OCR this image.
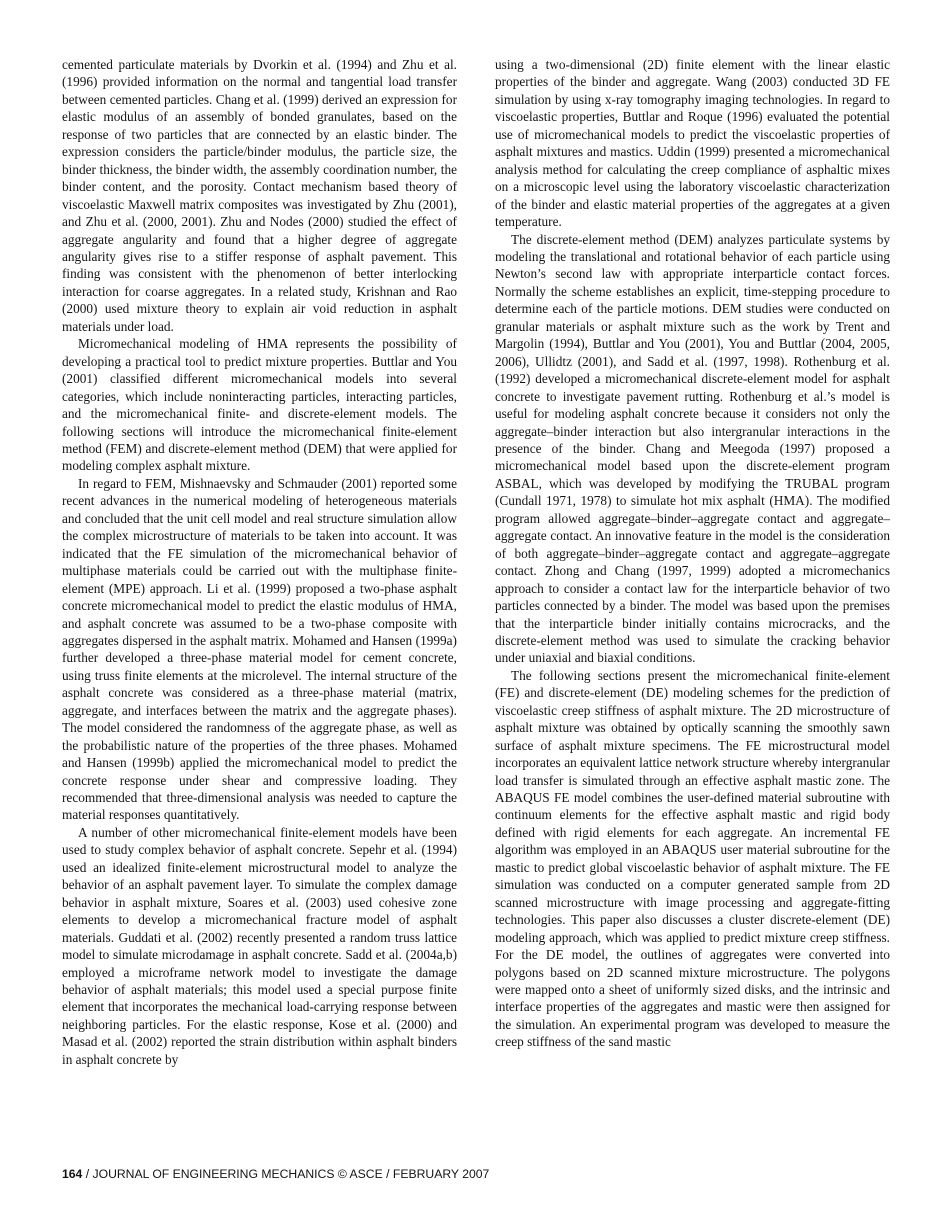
cemented particulate materials by Dvorkin et al. (1994) and Zhu et al. (1996) provided information on the normal and tangential load transfer between cemented particles. Chang et al. (1999) derived an expression for elastic modulus of an assembly of bonded granulates, based on the response of two particles that are connected by an elastic binder. The expression considers the particle/binder modulus, the particle size, the binder thickness, the binder width, the assembly coordination number, the binder content, and the porosity. Contact mechanism based theory of viscoelastic Maxwell matrix composites was investigated by Zhu (2001), and Zhu et al. (2000, 2001). Zhu and Nodes (2000) studied the effect of aggregate angularity and found that a higher degree of aggregate angularity gives rise to a stiffer response of asphalt pavement. This finding was consistent with the phenomenon of better interlocking interaction for coarse aggregates. In a related study, Krishnan and Rao (2000) used mixture theory to explain air void reduction in asphalt materials under load.

Micromechanical modeling of HMA represents the possibility of developing a practical tool to predict mixture properties. Buttlar and You (2001) classified different micromechanical models into several categories, which include noninteracting particles, interacting particles, and the micromechanical finite- and discrete-element models. The following sections will introduce the micromechanical finite-element method (FEM) and discrete-element method (DEM) that were applied for modeling complex asphalt mixture.

In regard to FEM, Mishnaevsky and Schmauder (2001) reported some recent advances in the numerical modeling of heterogeneous materials and concluded that the unit cell model and real structure simulation allow the complex microstructure of materials to be taken into account. It was indicated that the FE simulation of the micromechanical behavior of multiphase materials could be carried out with the multiphase finite-element (MPE) approach. Li et al. (1999) proposed a two-phase asphalt concrete micromechanical model to predict the elastic modulus of HMA, and asphalt concrete was assumed to be a two-phase composite with aggregates dispersed in the asphalt matrix. Mohamed and Hansen (1999a) further developed a three-phase material model for cement concrete, using truss finite elements at the microlevel. The internal structure of the asphalt concrete was considered as a three-phase material (matrix, aggregate, and interfaces between the matrix and the aggregate phases). The model considered the randomness of the aggregate phase, as well as the probabilistic nature of the properties of the three phases. Mohamed and Hansen (1999b) applied the micromechanical model to predict the concrete response under shear and compressive loading. They recommended that three-dimensional analysis was needed to capture the material responses quantitatively.

A number of other micromechanical finite-element models have been used to study complex behavior of asphalt concrete. Sepehr et al. (1994) used an idealized finite-element microstructural model to analyze the behavior of an asphalt pavement layer. To simulate the complex damage behavior in asphalt mixture, Soares et al. (2003) used cohesive zone elements to develop a micromechanical fracture model of asphalt materials. Guddati et al. (2002) recently presented a random truss lattice model to simulate microdamage in asphalt concrete. Sadd et al. (2004a,b) employed a microframe network model to investigate the damage behavior of asphalt materials; this model used a special purpose finite element that incorporates the mechanical load-carrying response between neighboring particles. For the elastic response, Kose et al. (2000) and Masad et al. (2002) reported the strain distribution within asphalt binders in asphalt concrete by

using a two-dimensional (2D) finite element with the linear elastic properties of the binder and aggregate. Wang (2003) conducted 3D FE simulation by using x-ray tomography imaging technologies. In regard to viscoelastic properties, Buttlar and Roque (1996) evaluated the potential use of micromechanical models to predict the viscoelastic properties of asphalt mixtures and mastics. Uddin (1999) presented a micromechanical analysis method for calculating the creep compliance of asphaltic mixes on a microscopic level using the laboratory viscoelastic characterization of the binder and elastic material properties of the aggregates at a given temperature.

The discrete-element method (DEM) analyzes particulate systems by modeling the translational and rotational behavior of each particle using Newton’s second law with appropriate interparticle contact forces. Normally the scheme establishes an explicit, time-stepping procedure to determine each of the particle motions. DEM studies were conducted on granular materials or asphalt mixture such as the work by Trent and Margolin (1994), Buttlar and You (2001), You and Buttlar (2004, 2005, 2006), Ullidtz (2001), and Sadd et al. (1997, 1998). Rothenburg et al. (1992) developed a micromechanical discrete-element model for asphalt concrete to investigate pavement rutting. Rothenburg et al.’s model is useful for modeling asphalt concrete because it considers not only the aggregate–binder interaction but also intergranular interactions in the presence of the binder. Chang and Meegoda (1997) proposed a micromechanical model based upon the discrete-element program ASBAL, which was developed by modifying the TRUBAL program (Cundall 1971, 1978) to simulate hot mix asphalt (HMA). The modified program allowed aggregate–binder–aggregate contact and aggregate–aggregate contact. An innovative feature in the model is the consideration of both aggregate–binder–aggregate contact and aggregate–aggregate contact. Zhong and Chang (1997, 1999) adopted a micromechanics approach to consider a contact law for the interparticle behavior of two particles connected by a binder. The model was based upon the premises that the interparticle binder initially contains microcracks, and the discrete-element method was used to simulate the cracking behavior under uniaxial and biaxial conditions.

The following sections present the micromechanical finite-element (FE) and discrete-element (DE) modeling schemes for the prediction of viscoelastic creep stiffness of asphalt mixture. The 2D microstructure of asphalt mixture was obtained by optically scanning the smoothly sawn surface of asphalt mixture specimens. The FE microstructural model incorporates an equivalent lattice network structure whereby intergranular load transfer is simulated through an effective asphalt mastic zone. The ABAQUS FE model combines the user-defined material subroutine with continuum elements for the effective asphalt mastic and rigid body defined with rigid elements for each aggregate. An incremental FE algorithm was employed in an ABAQUS user material subroutine for the mastic to predict global viscoelastic behavior of asphalt mixture. The FE simulation was conducted on a computer generated sample from 2D scanned microstructure with image processing and aggregate-fitting technologies. This paper also discusses a cluster discrete-element (DE) modeling approach, which was applied to predict mixture creep stiffness. For the DE model, the outlines of aggregates were converted into polygons based on 2D scanned mixture microstructure. The polygons were mapped onto a sheet of uniformly sized disks, and the intrinsic and interface properties of the aggregates and mastic were then assigned for the simulation. An experimental program was developed to measure the creep stiffness of the sand mastic

164 / JOURNAL OF ENGINEERING MECHANICS © ASCE / FEBRUARY 2007
